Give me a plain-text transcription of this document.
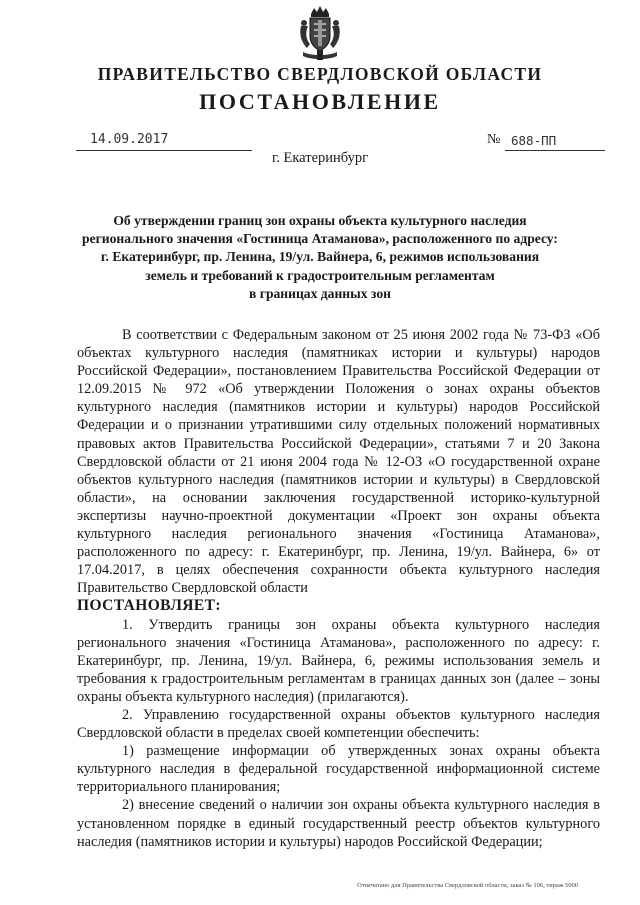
ПРАВИТЕЛЬСТВО СВЕРДЛОВСКОЙ ОБЛАСТИ
ПОСТАНОВЛЕНИЕ
14.09.2017	№ 688-ПП
г. Екатеринбург
Об утверждении границ зон охраны объекта культурного наследия
регионального значения «Гостиница Атаманова», расположенного по адресу:
г. Екатеринбург, пр. Ленина, 19/ул. Вайнера, 6, режимов использования
земель и требований к градостроительным регламентам
в границах данных зон

В соответствии с Федеральным законом от 25 июня 2002 года № 73-ФЗ «Об объектах культурного наследия (памятниках истории и культуры) народов Российской Федерации», постановлением Правительства Российской Федерации от 12.09.2015 № 972 «Об утверждении Положения о зонах охраны объектов культурного наследия (памятников истории и культуры) народов Российской Федерации и о признании утратившими силу отдельных положений нормативных правовых актов Правительства Российской Федерации», статьями 7 и 20 Закона Свердловской области от 21 июня 2004 года № 12-ОЗ «О государственной охране объектов культурного наследия (памятников истории и культуры) в Свердловской области», на основании заключения государственной историко-культурной экспертизы научно-проектной документации «Проект зон охраны объекта культурного наследия регионального значения «Гостиница Атаманова», расположенного по адресу: г. Екатеринбург, пр. Ленина, 19/ул. Вайнера, 6» от 17.04.2017, в целях обеспечения сохранности объекта культурного наследия Правительство Свердловской области

ПОСТАНОВЛЯЕТ:

1. Утвердить границы зон охраны объекта культурного наследия регионального значения «Гостиница Атаманова», расположенного по адресу: г. Екатеринбург, пр. Ленина, 19/ул. Вайнера, 6, режимы использования земель и требования к градостроительным регламентам в границах данных зон (далее – зоны охраны объекта культурного наследия) (прилагаются).

2. Управлению государственной охраны объектов культурного наследия Свердловской области в пределах своей компетенции обеспечить:

1) размещение информации об утвержденных зонах охраны объекта культурного наследия в федеральной государственной информационной системе территориального планирования;

2) внесение сведений о наличии зон охраны объекта культурного наследия в установленном порядке в единый государственный реестр объектов культурного наследия (памятников истории и культуры) народов Российской Федерации;

Отпечатано для Правительства Свердловской области, заказ № 106, тираж 5000
